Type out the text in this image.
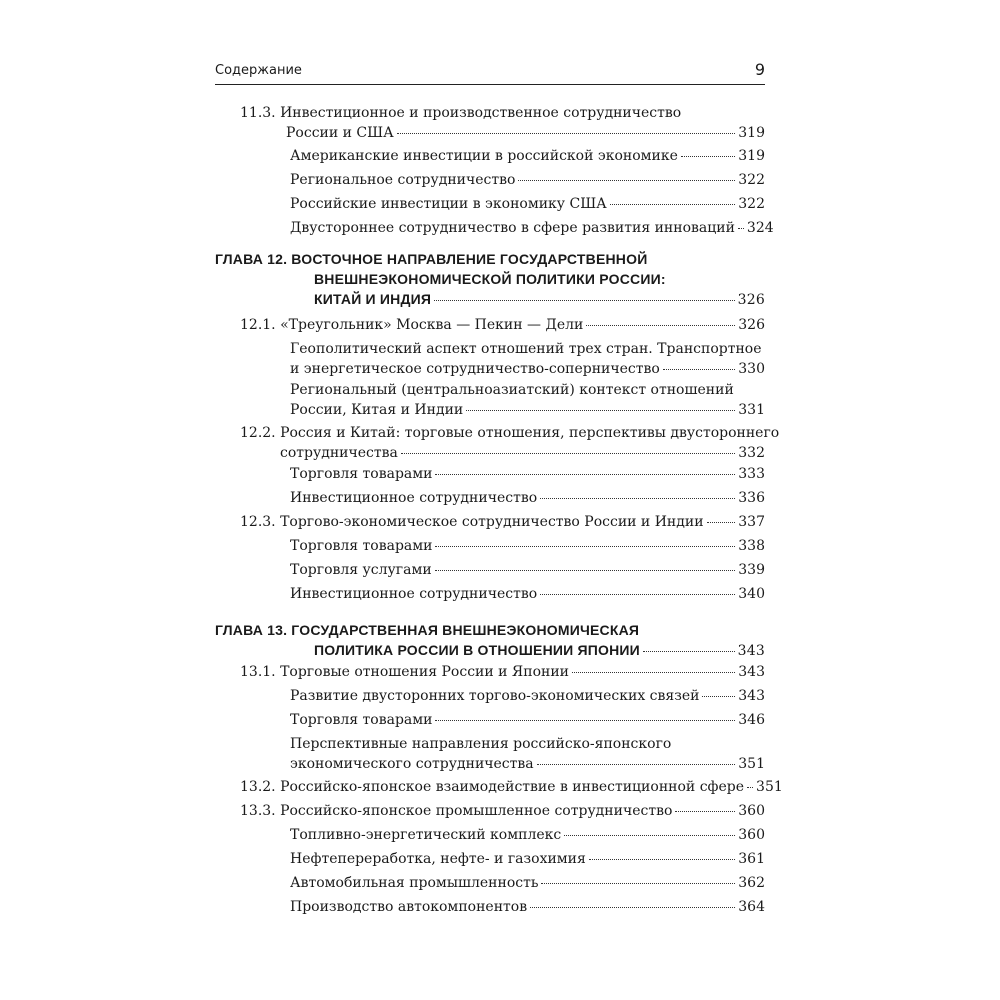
Содержание	9
11.3. Инвестиционное и производственное сотрудничество
России и США	319
Американские инвестиции в российской экономике	319
Региональное сотрудничество	322
Российские инвестиции в экономику США	322
Двустороннее сотрудничество в сфере развития инноваций 324
ГЛАВА 12. ВОСТОЧНОЕ НАПРАВЛЕНИЕ ГОСУДАРСТВЕННОЙ
ВНЕШНЕЭКОНОМИЧЕСКОЙ ПОЛИТИКИ РОССИИ:
КИТАЙ И ИНДИЯ	326
12.1. «Треугольник» Москва — Пекин — Дели	326
Геополитический аспект отношений трех стран. Транспортное
и энергетическое сотрудничество-соперничество	330
Региональный (центральноазиатский) контекст отношений
России, Китая и Индии	331
12.2. Россия и Китай: торговые отношения, перспективы двустороннего
сотрудничества	332
Торговля товарами	333
Инвестиционное сотрудничество	336
12.3. Торгово-экономическое сотрудничество России и Индии 337
Торговля товарами	338
Торговля услугами	339
Инвестиционное сотрудничество	340
ГЛАВА 13. ГОСУДАРСТВЕННАЯ ВНЕШНЕЭКОНОМИЧЕСКАЯ
ПОЛИТИКА РОССИИ В ОТНОШЕНИИ ЯПОНИИ	343
13.1. Торговые отношения России и Японии	343
Развитие двусторонних торгово-экономических связей	343
Торговля товарами	346
Перспективные направления российско-японского
экономического сотрудничества	351
13.2. Российско-японское взаимодействие в инвестиционной сфере 351
13.3. Российско-японское промышленное сотрудничество	360
Топливно-энергетический комплекс	360
Нефтепереработка, нефте- и газохимия	361
Автомобильная промышленность	362
Производство автокомпонентов	364
